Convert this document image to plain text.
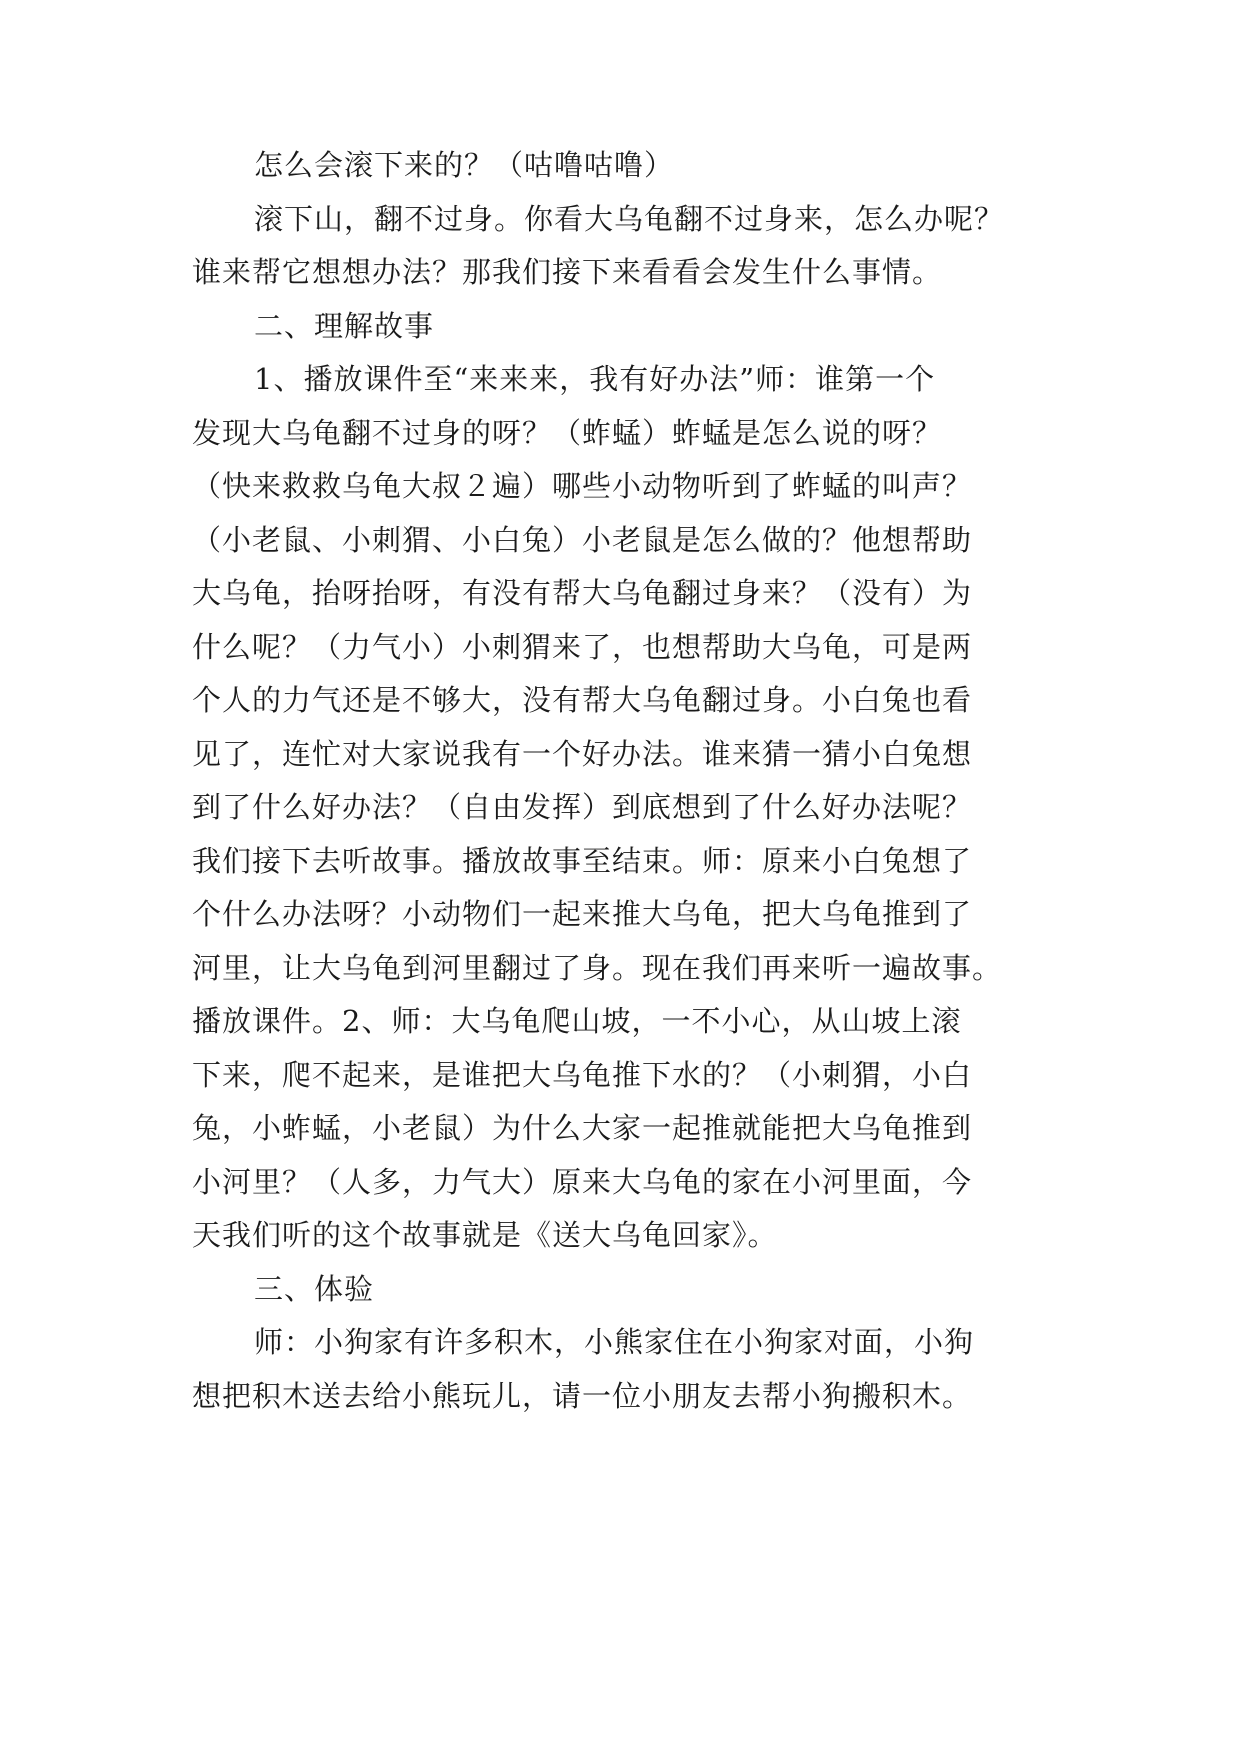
怎么会滚下来的？（咕噜咕噜）
滚下山，翻不过身。你看大乌龟翻不过身来，怎么办呢？
谁来帮它想想办法？那我们接下来看看会发生什么事情。
二、理解故事
1、播放课件至“来来来，我有好办法”师：谁第一个
发现大乌龟翻不过身的呀？（蚱蜢）蚱蜢是怎么说的呀？
（快来救救乌龟大叔２遍）哪些小动物听到了蚱蜢的叫声？
（小老鼠、小刺猬、小白兔）小老鼠是怎么做的？他想帮助
大乌龟，抬呀抬呀，有没有帮大乌龟翻过身来？（没有）为
什么呢？（力气小）小刺猬来了，也想帮助大乌龟，可是两
个人的力气还是不够大，没有帮大乌龟翻过身。小白兔也看
见了，连忙对大家说我有一个好办法。谁来猜一猜小白兔想
到了什么好办法？（自由发挥）到底想到了什么好办法呢？
我们接下去听故事。播放故事至结束。师：原来小白兔想了
个什么办法呀？小动物们一起来推大乌龟，把大乌龟推到了
河里，让大乌龟到河里翻过了身。现在我们再来听一遍故事。
播放课件。2、师：大乌龟爬山坡，一不小心，从山坡上滚
下来，爬不起来，是谁把大乌龟推下水的？（小刺猬，小白
兔，小蚱蜢，小老鼠）为什么大家一起推就能把大乌龟推到
小河里？（人多，力气大）原来大乌龟的家在小河里面，今
天我们听的这个故事就是《送大乌龟回家》。
三、体验
师：小狗家有许多积木，小熊家住在小狗家对面，小狗
想把积木送去给小熊玩儿，请一位小朋友去帮小狗搬积木。
